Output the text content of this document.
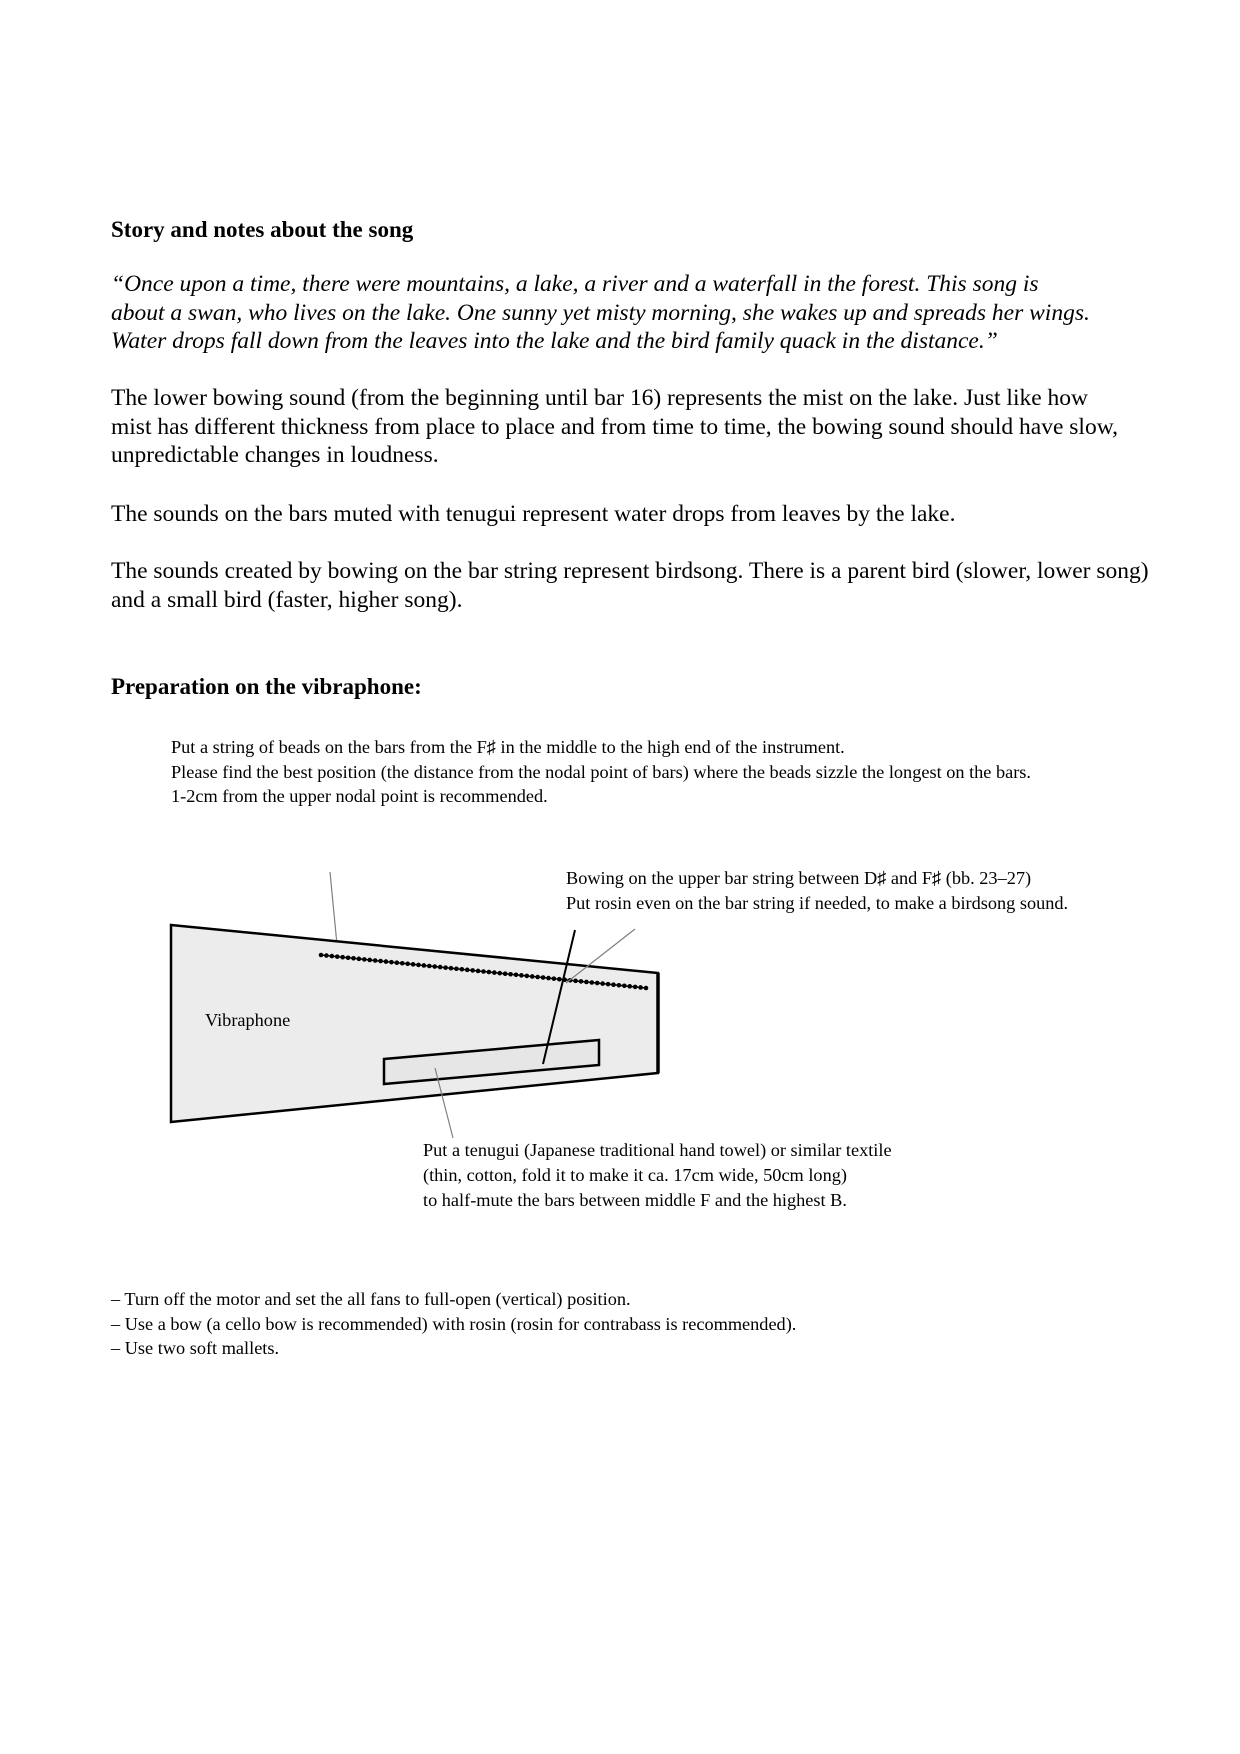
Story and notes about the song
“Once upon a time, there were mountains, a lake, a river and a waterfall in the forest. This song is
about a swan, who lives on the lake. One sunny yet misty morning, she wakes up and spreads her wings.
Water drops fall down from the leaves into the lake and the bird family quack in the distance.”
The lower bowing sound (from the beginning until bar 16) represents the mist on the lake. Just like how
mist has different thickness from place to place and from time to time, the bowing sound should have slow,
unpredictable changes in loudness.
The sounds on the bars muted with tenugui represent water drops from leaves by the lake.
The sounds created by bowing on the bar string represent birdsong. There is a parent bird (slower, lower song)
and a small bird (faster, higher song).
Preparation on the vibraphone:
Put a string of beads on the bars from the F♯ in the middle to the high end of the instrument.
Please find the best position (the distance from the nodal point of bars) where the beads sizzle the longest on the bars.
1-2cm from the upper nodal point is recommended.
Vibraphone
Bowing on the upper bar string between D♯ and F♯ (bb. 23–27)
Put rosin even on the bar string if needed, to make a birdsong sound.
Put a tenugui (Japanese traditional hand towel) or similar textile
(thin, cotton, fold it to make it ca. 17cm wide, 50cm long)
to half-mute the bars between middle F and the highest B.
– Turn off the motor and set the all fans to full-open (vertical) position.
– Use a bow (a cello bow is recommended) with rosin (rosin for contrabass is recommended).
– Use two soft mallets.
